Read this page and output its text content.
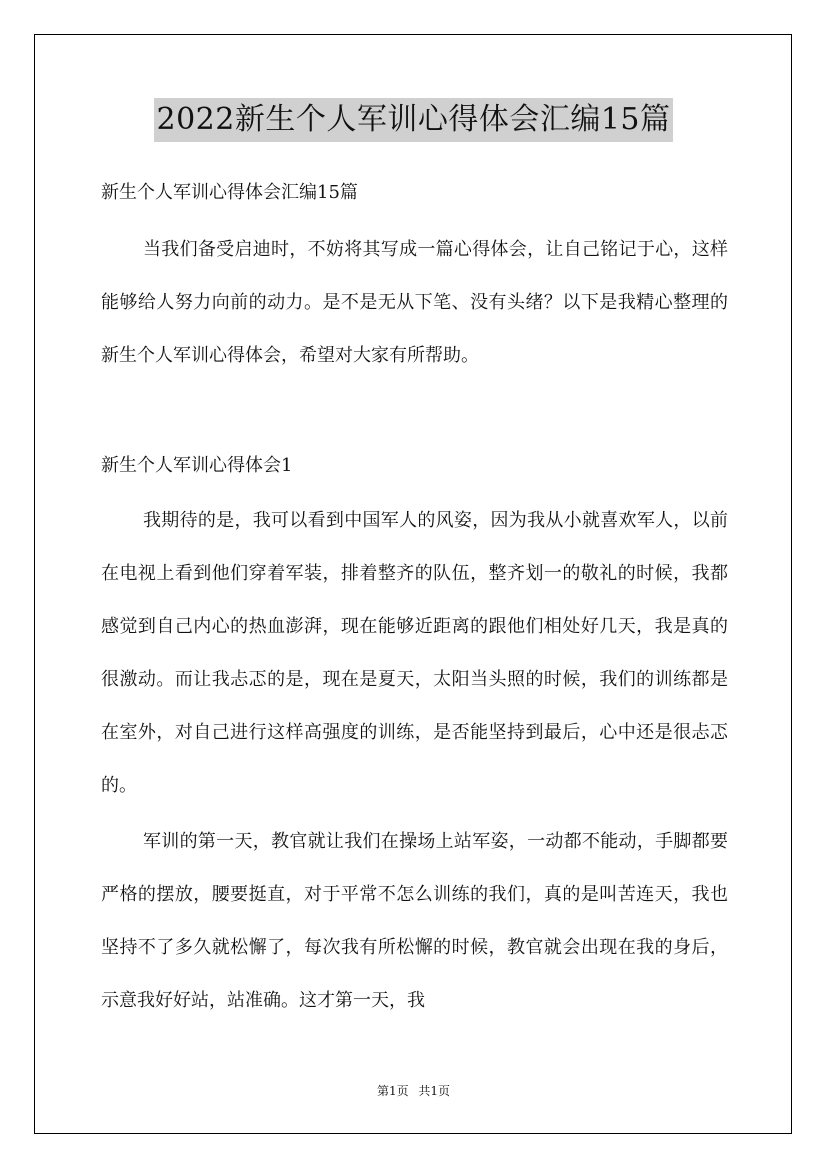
2022新生个人军训心得体会汇编15篇
新生个人军训心得体会汇编15篇

当我们备受启迪时，不妨将其写成一篇心得体会，让自己铭记于心，这样能够给人努力向前的动力。是不是无从下笔、没有头绪？以下是我精心整理的新生个人军训心得体会，希望对大家有所帮助。

新生个人军训心得体会1

我期待的是，我可以看到中国军人的风姿，因为我从小就喜欢军人，以前在电视上看到他们穿着军装，排着整齐的队伍，整齐划一的敬礼的时候，我都感觉到自己内心的热血澎湃，现在能够近距离的跟他们相处好几天，我是真的很激动。而让我忐忑的是，现在是夏天，太阳当头照的时候，我们的训练都是在室外，对自己进行这样高强度的训练，是否能坚持到最后，心中还是很忐忑的。

军训的第一天，教官就让我们在操场上站军姿，一动都不能动，手脚都要严格的摆放，腰要挺直，对于平常不怎么训练的我们，真的是叫苦连天，我也坚持不了多久就松懈了，每次我有所松懈的时候，教官就会出现在我的身后，示意我好好站，站准确。这才第一天，我

第1页 共1页
